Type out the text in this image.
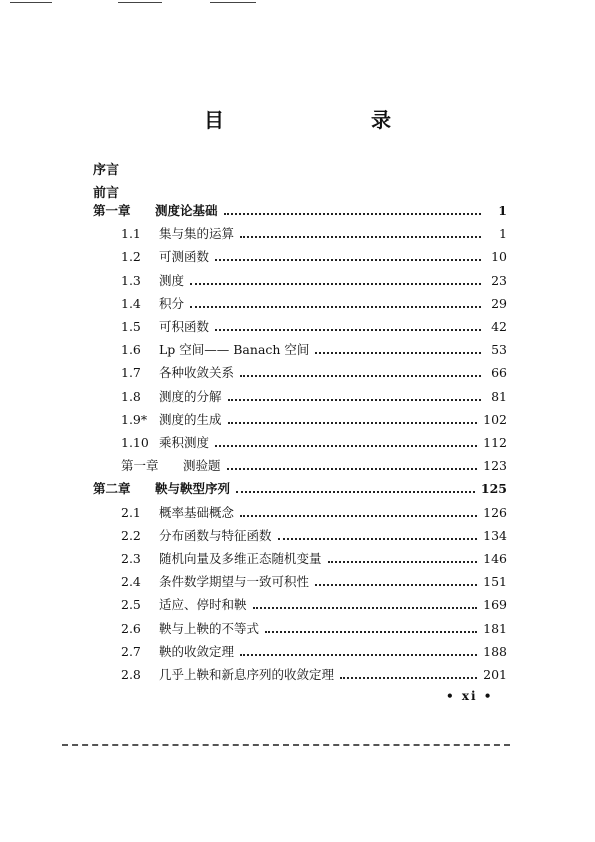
目 录
序言
前言
第一章	测度论基础	1
1.1	集与集的运算	1
1.2	可测函数	10
1.3	测度	23
1.4	积分	29
1.5	可积函数	42
1.6	Lp 空间—— Banach 空间	53
1.7	各种收敛关系	66
1.8	测度的分解	81
1.9* 测度的生成	102
1.10 乘积测度	112
第一章	测验题	123
第二章	鞅与鞅型序列	125
2.1	概率基础概念	126
2.2	分布函数与特征函数	134
2.3	随机向量及多维正态随机变量	146
2.4	条件数学期望与一致可积性	151
2.5	适应、停时和鞅	169
2.6	鞅与上鞅的不等式	181
2.7	鞅的收敛定理	188
2.8	几乎上鞅和新息序列的收敛定理	201
• xi •
